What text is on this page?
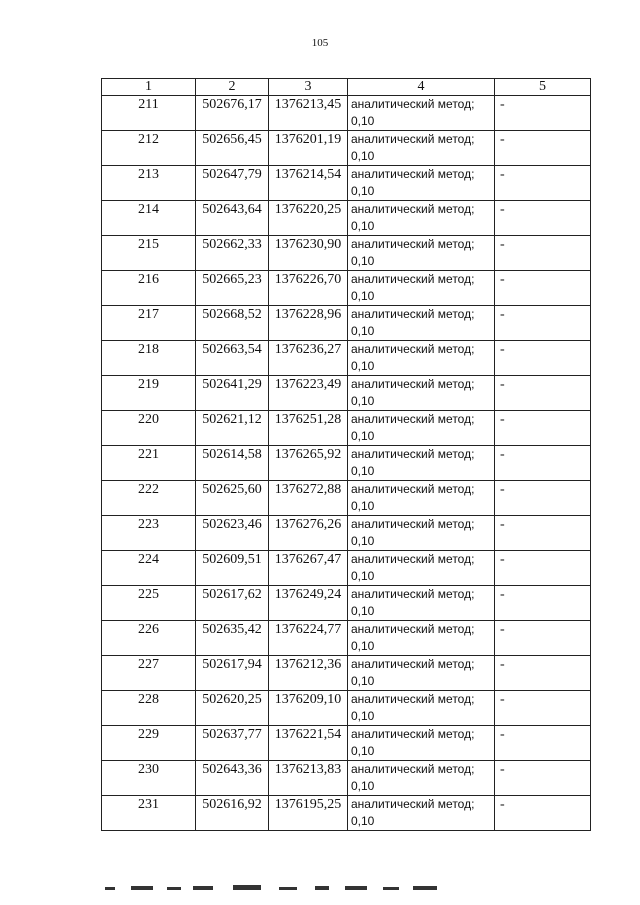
105
1	2	3	4	5
211	502676,17	1376213,45	аналитический метод; 0,10	-
212	502656,45	1376201,19	аналитический метод; 0,10	-
213	502647,79	1376214,54	аналитический метод; 0,10	-
214	502643,64	1376220,25	аналитический метод; 0,10	-
215	502662,33	1376230,90	аналитический метод; 0,10	-
216	502665,23	1376226,70	аналитический метод; 0,10	-
217	502668,52	1376228,96	аналитический метод; 0,10	-
218	502663,54	1376236,27	аналитический метод; 0,10	-
219	502641,29	1376223,49	аналитический метод; 0,10	-
220	502621,12	1376251,28	аналитический метод; 0,10	-
221	502614,58	1376265,92	аналитический метод; 0,10	-
222	502625,60	1376272,88	аналитический метод; 0,10	-
223	502623,46	1376276,26	аналитический метод; 0,10	-
224	502609,51	1376267,47	аналитический метод; 0,10	-
225	502617,62	1376249,24	аналитический метод; 0,10	-
226	502635,42	1376224,77	аналитический метод; 0,10	-
227	502617,94	1376212,36	аналитический метод; 0,10	-
228	502620,25	1376209,10	аналитический метод; 0,10	-
229	502637,77	1376221,54	аналитический метод; 0,10	-
230	502643,36	1376213,83	аналитический метод; 0,10	-
231	502616,92	1376195,25	аналитический метод; 0,10	-
